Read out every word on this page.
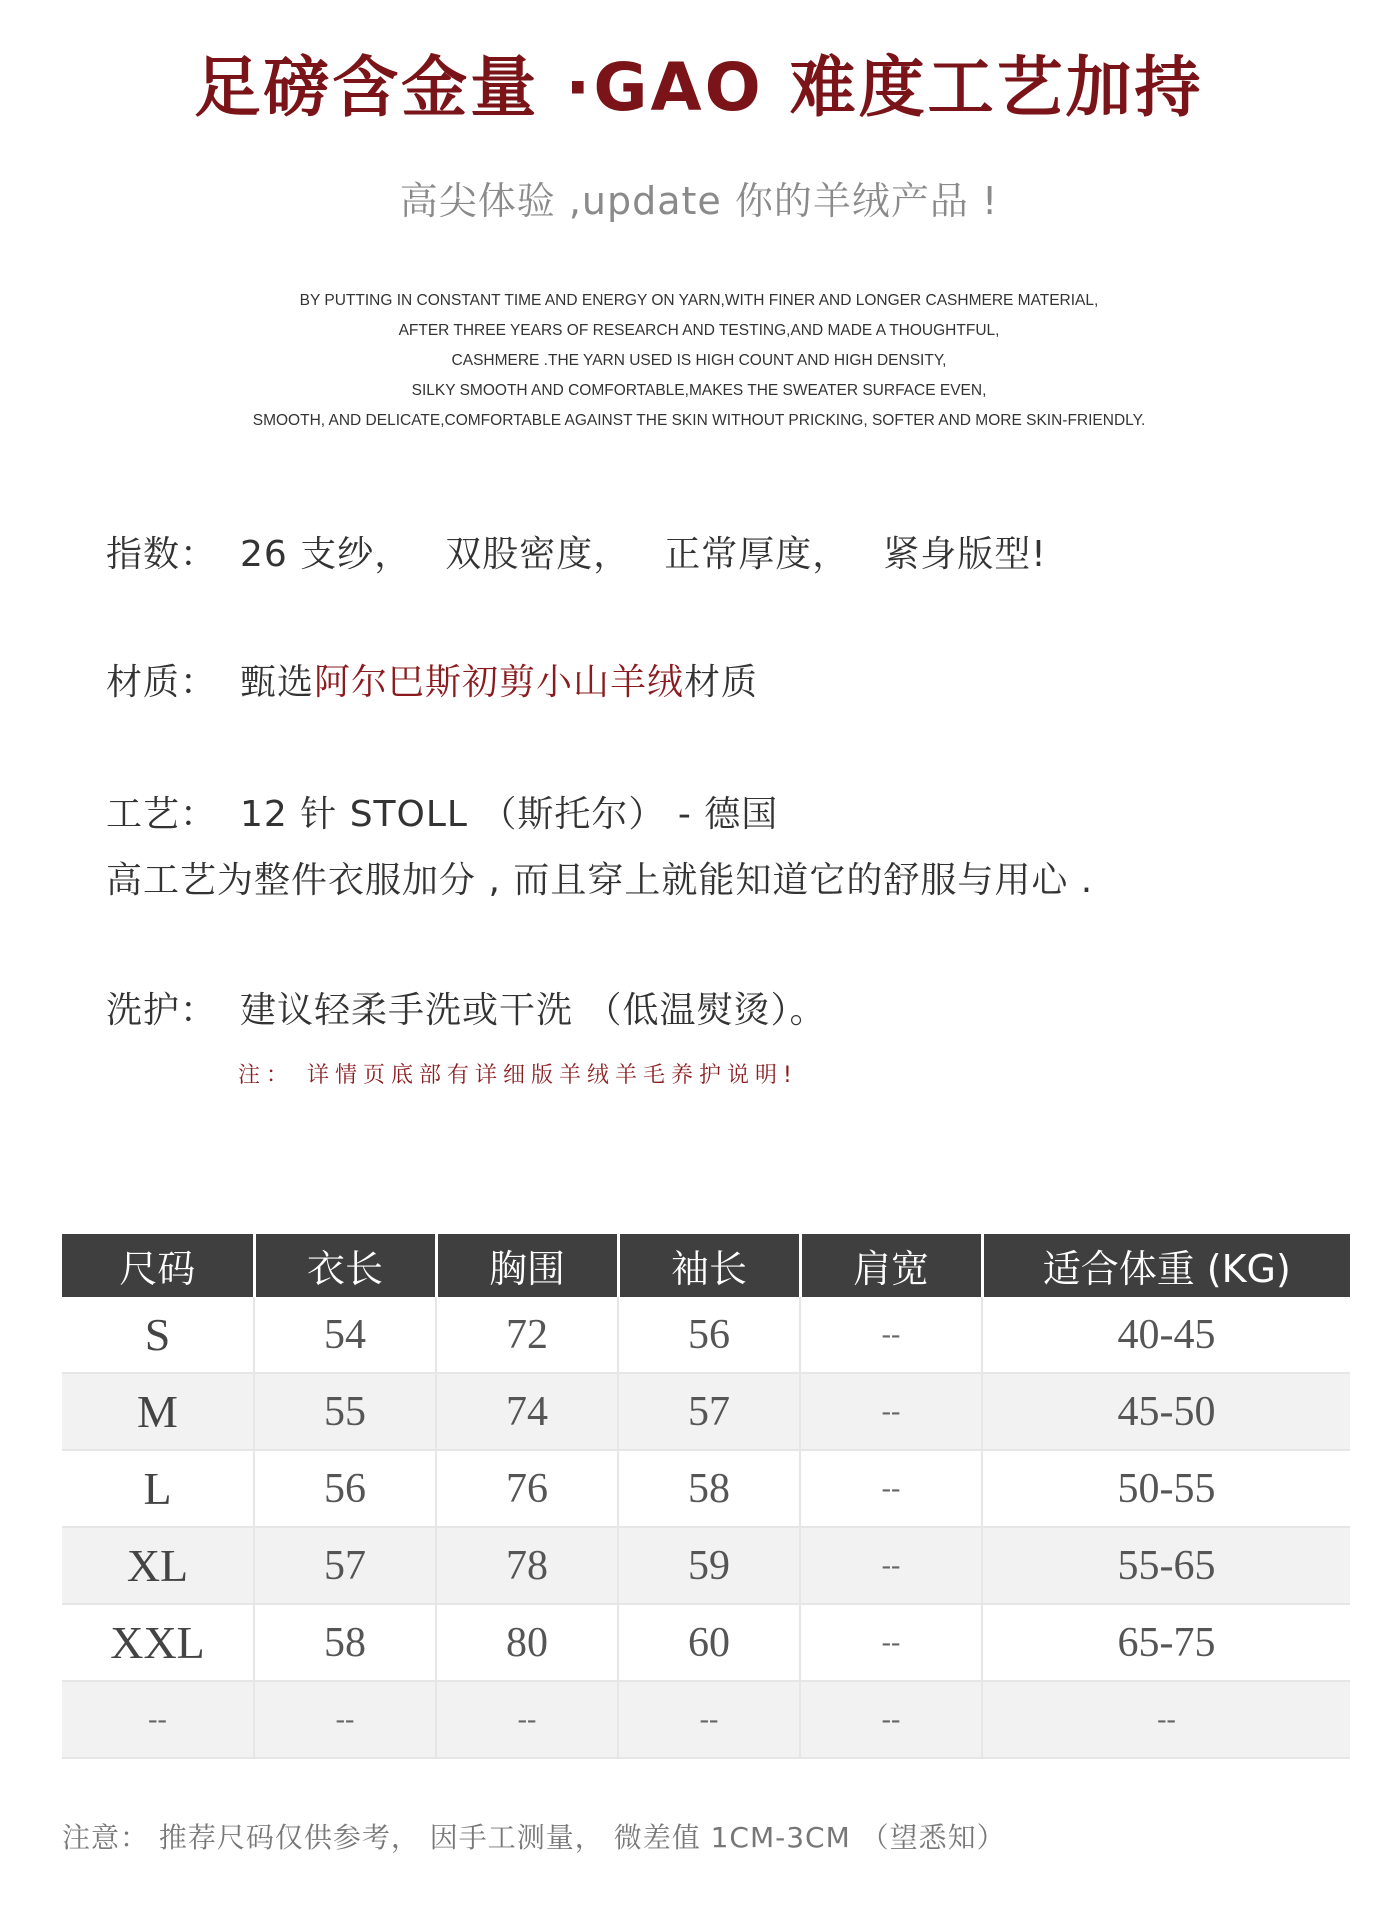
足磅含金量 ·GAO 难度工艺加持
高尖体验 ,update 你的羊绒产品 !
BY PUTTING IN CONSTANT TIME AND ENERGY ON YARN,WITH FINER AND LONGER CASHMERE MATERIAL,
AFTER THREE YEARS OF RESEARCH AND TESTING,AND MADE A THOUGHTFUL,
CASHMERE .THE YARN USED IS HIGH COUNT AND HIGH DENSITY,
SILKY SMOOTH AND COMFORTABLE,MAKES THE SWEATER SURFACE EVEN,
SMOOTH, AND DELICATE,COMFORTABLE AGAINST THE SKIN WITHOUT PRICKING, SOFTER AND MORE SKIN-FRIENDLY.
指数： 26 支纱， 双股密度， 正常厚度， 紧身版型!
材质： 甄选阿尔巴斯初剪小山羊绒材质
工艺： 12 针 STOLL （斯托尔） - 德国
高工艺为整件衣服加分 , 而且穿上就能知道它的舒服与用心 .
洗护： 建议轻柔手洗或干洗 （低温熨烫）。
注： 详情页底部有详细版羊绒羊毛养护说明!
尺码	衣长	胸围	袖长	肩宽	适合体重 (KG)
S	54	72	56	--	40-45
M	55	74	57	--	45-50
L	56	76	58	--	50-55
XL	57	78	59	--	55-65
XXL	58	80	60	--	65-75
--	--	--	--	--	--
注意： 推荐尺码仅供参考， 因手工测量， 微差值 1CM-3CM （望悉知）
